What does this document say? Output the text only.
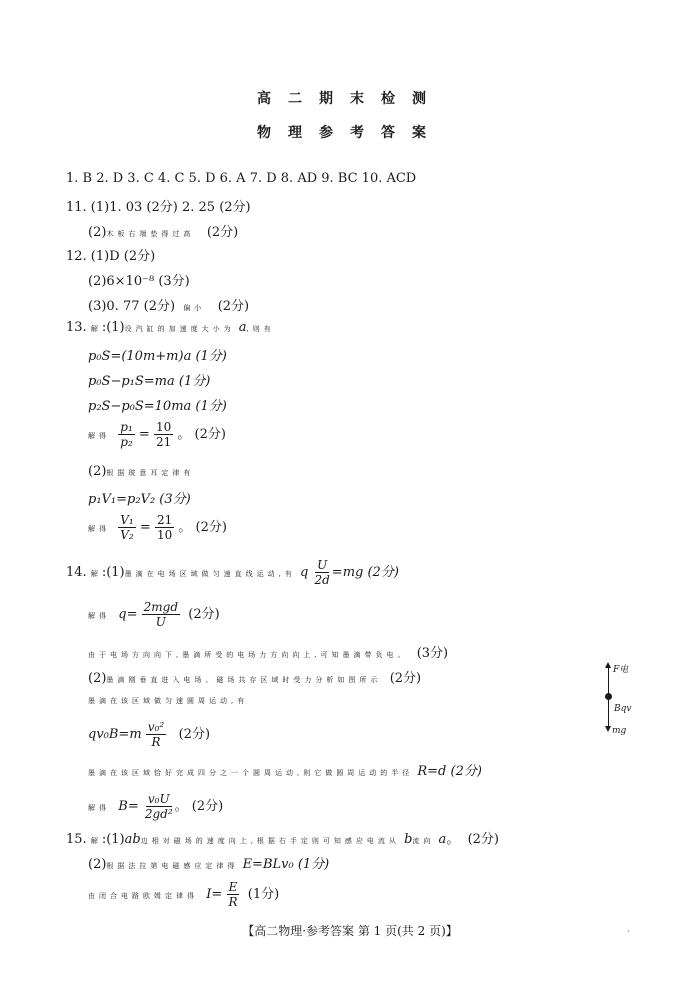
高二期末检测
物理参考答案
1. B 2. D 3. C 4. C 5. D 6. A 7. D 8. AD 9. BC 10. ACD
11. (1)1. 03 (2分) 2. 25 (2分)
(2)木板右端垫得过高 (2分)
12. (1)D (2分)
(2)6×10⁻⁸ (3分)
(3)0. 77 (2分) 偏小 (2分)
13. 解:(1)设汽缸的加速度大小为 a,则有
p₀S=(10m+m)a (1分)
p₀S−p₁S=ma (1分)
p₂S−p₀S=10ma (1分)
解得 $\frac{\text{p₁}}{\text{p₂}} = \frac{10}{21}$ 。 (2分)
(2)根据玻意耳定律有
p₁V₁=p₂V₂ (3分)
解得 $\frac{\text{V₁}}{\text{V₂}} = \frac{21}{10}$ 。 (2分)
14. 解:(1)墨滴在电场区域做匀速直线运动,有 q $\frac{U}{2d} =mg$ (2分)
解得 $q= \frac{\text{2mgd}}{U} (2$分)
由于电场方向向下,墨滴所受的电场力方向向上,可知墨滴带负电。 (3分)
(2)墨滴刚垂直进入电场、磁场共存区域时受力分析如图所示 (2分)
墨滴在该区域做匀速圆周运动,有
$qv_0B=m \frac{\text{v₀²}}{R} (2$分)
墨滴在该区域恰好完成四分之一个圆周运动,则它做圆周运动的半径 R=d (2分)
解得 $B= \frac{\text{v₀U}}{\text{2gd²}}$ 。 (2分)
F电
Bqv
mg
15. 解:(1)ab边相对磁场的速度向上,根据右手定则可知感应电流从 b流向 a。 (2分)
(2)根据法拉第电磁感应定律得 E=BLv₀ (1分)
由闭合电路欧姆定律得 $I= \frac{E}{R} (1$分)
【高二物理·参考答案 第 1 页(共 2 页)】	·
